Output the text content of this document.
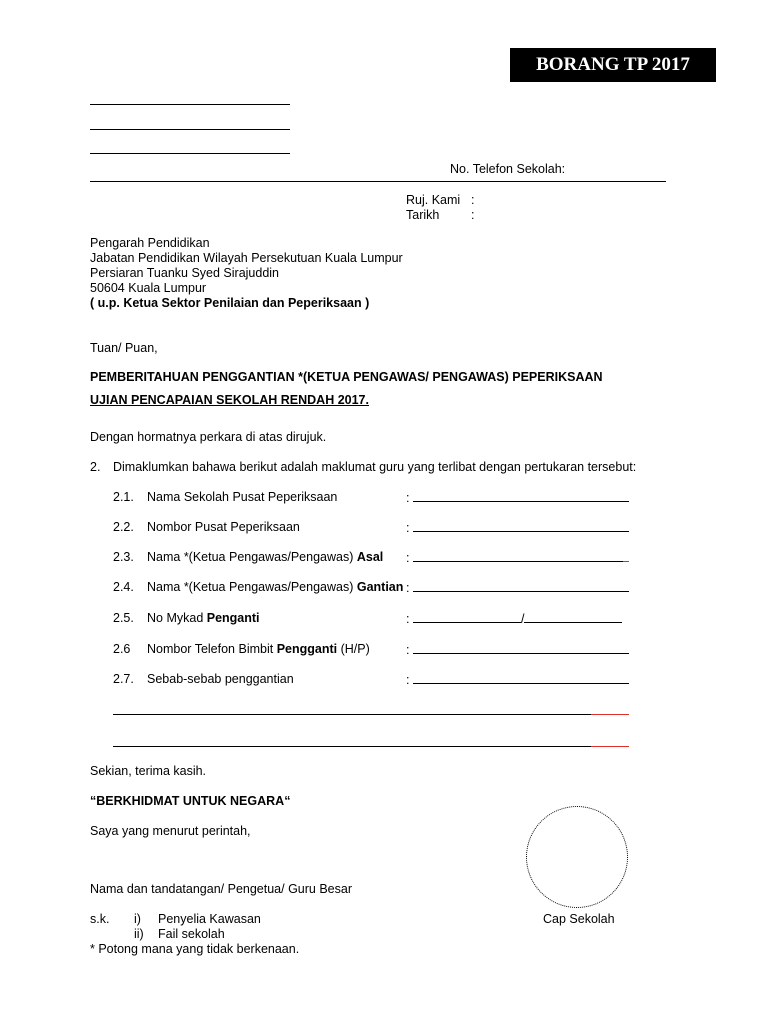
BORANG TP 2017
No. Telefon Sekolah:
Ruj. Kami :
Tarikh	:
Pengarah Pendidikan
Jabatan Pendidikan Wilayah Persekutuan Kuala Lumpur
Persiaran Tuanku Syed Sirajuddin
50604 Kuala Lumpur
( u.p. Ketua Sektor Penilaian dan Peperiksaan )
Tuan/ Puan,
PEMBERITAHUAN PENGGANTIAN *(KETUA PENGAWAS/ PENGAWAS) PEPERIKSAAN
UJIAN PENCAPAIAN SEKOLAH RENDAH 2017.
Dengan hormatnya perkara di atas dirujuk.
2. Dimaklumkan bahawa berikut adalah maklumat guru yang terlibat dengan pertukaran tersebut:
2.1. Nama Sekolah Pusat Peperiksaan	:
2.2. Nombor Pusat Peperiksaan	:
2.3. Nama *(Ketua Pengawas/Pengawas) Asal :
2.4. Nama *(Ketua Pengawas/Pengawas) Gantian :
2.5. No Mykad Penganti	:	/
2.6 Nombor Telefon Bimbit Pengganti (H/P)	:
2.7. Sebab-sebab penggantian	:
Sekian, terima kasih.
“BERKHIDMAT UNTUK NEGARA“
Saya yang menurut perintah,
Cap Sekolah
Nama dan tandatangan/ Pengetua/ Guru Besar
s.k. i) Penyelia Kawasan
ii) Fail sekolah
* Potong mana yang tidak berkenaan.
